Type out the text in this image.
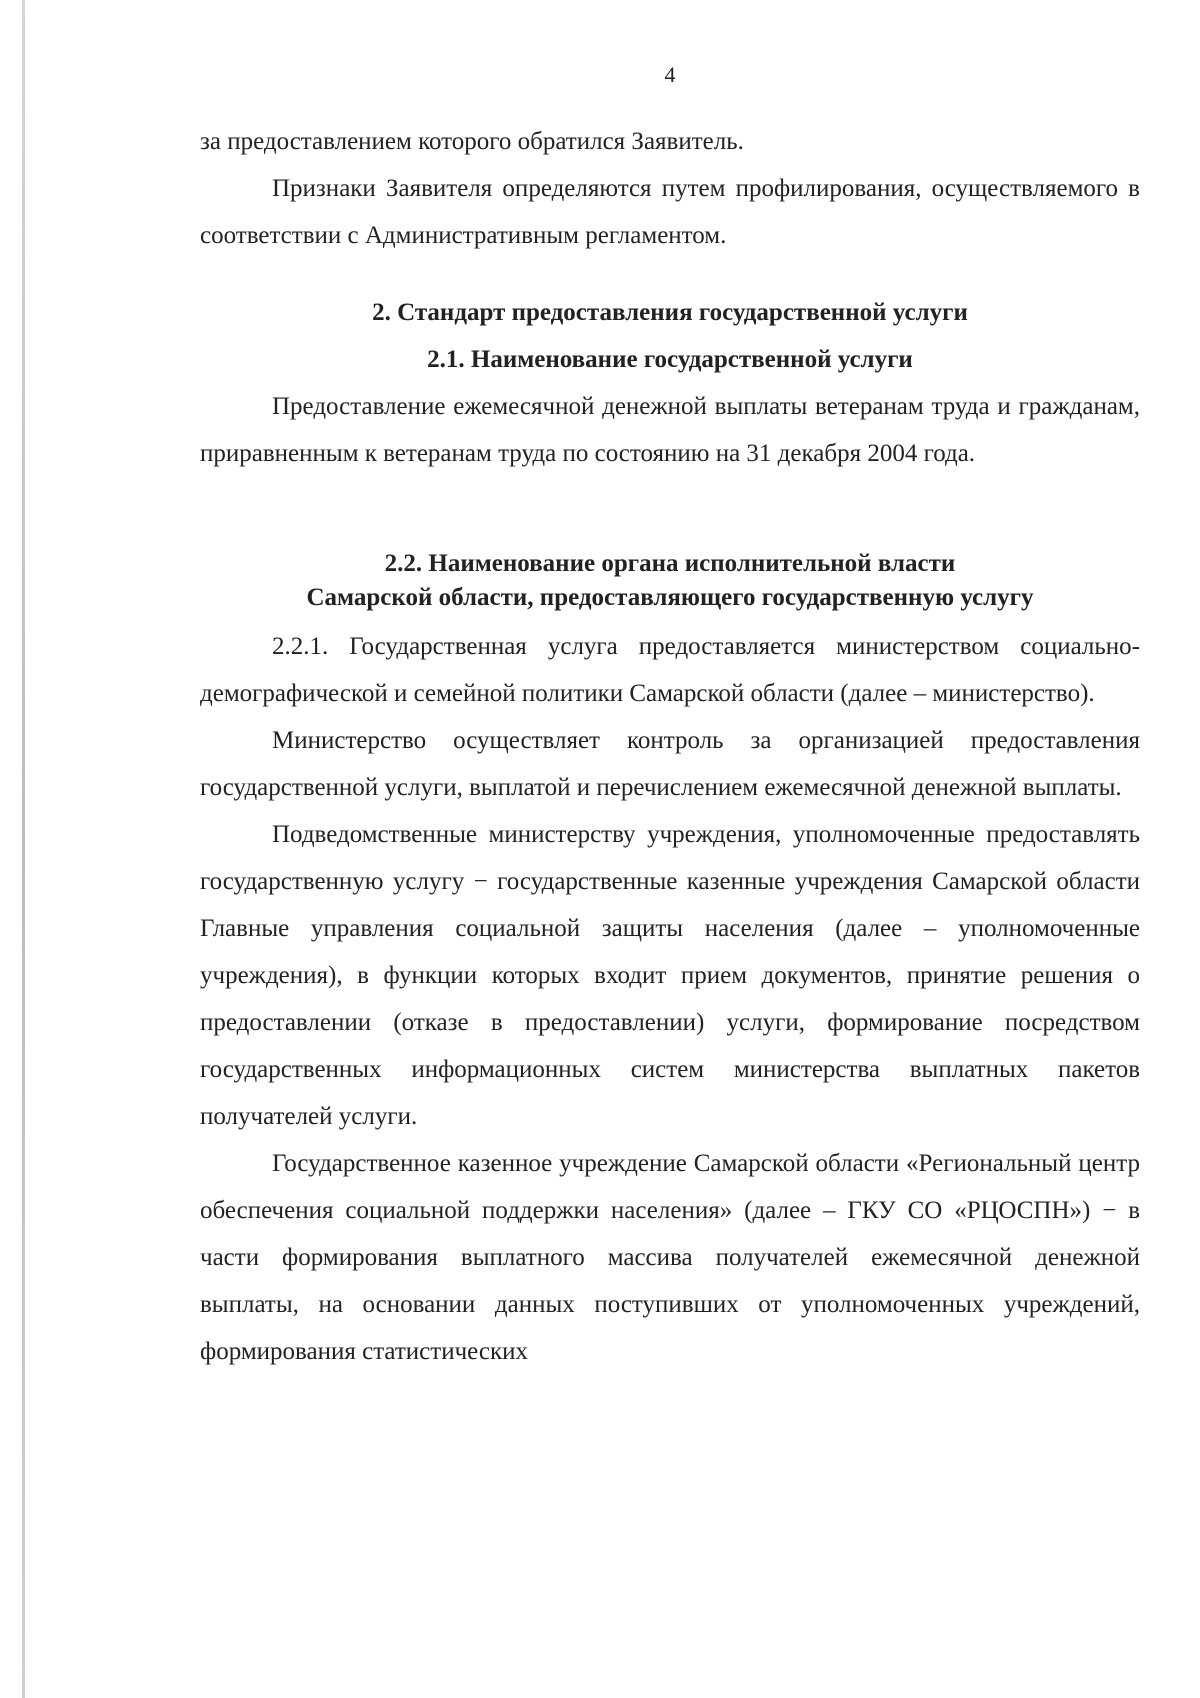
4

за предоставлением которого обратился Заявитель.

Признаки Заявителя определяются путем профилирования, осуществляемого в соответствии с Административным регламентом.

2. Стандарт предоставления государственной услуги
2.1. Наименование государственной услуги

Предоставление ежемесячной денежной выплаты ветеранам труда и гражданам, приравненным к ветеранам труда по состоянию на 31 декабря 2004 года.

2.2. Наименование органа исполнительной власти
Самарской области, предоставляющего государственную услугу

2.2.1. Государственная услуга предоставляется министерством социально-демографической и семейной политики Самарской области (далее – министерство).

Министерство осуществляет контроль за организацией предоставления государственной услуги, выплатой и перечислением ежемесячной денежной выплаты.

Подведомственные министерству учреждения, уполномоченные предоставлять государственную услугу − государственные казенные учреждения Самарской области Главные управления социальной защиты населения (далее – уполномоченные учреждения), в функции которых входит прием документов, принятие решения о предоставлении (отказе в предоставлении) услуги, формирование посредством государственных информационных систем министерства выплатных пакетов получателей услуги.

Государственное казенное учреждение Самарской области «Региональный центр обеспечения социальной поддержки населения» (далее – ГКУ СО «РЦОСПН») − в части формирования выплатного массива получателей ежемесячной денежной выплаты, на основании данных поступивших от уполномоченных учреждений, формирования статистических
